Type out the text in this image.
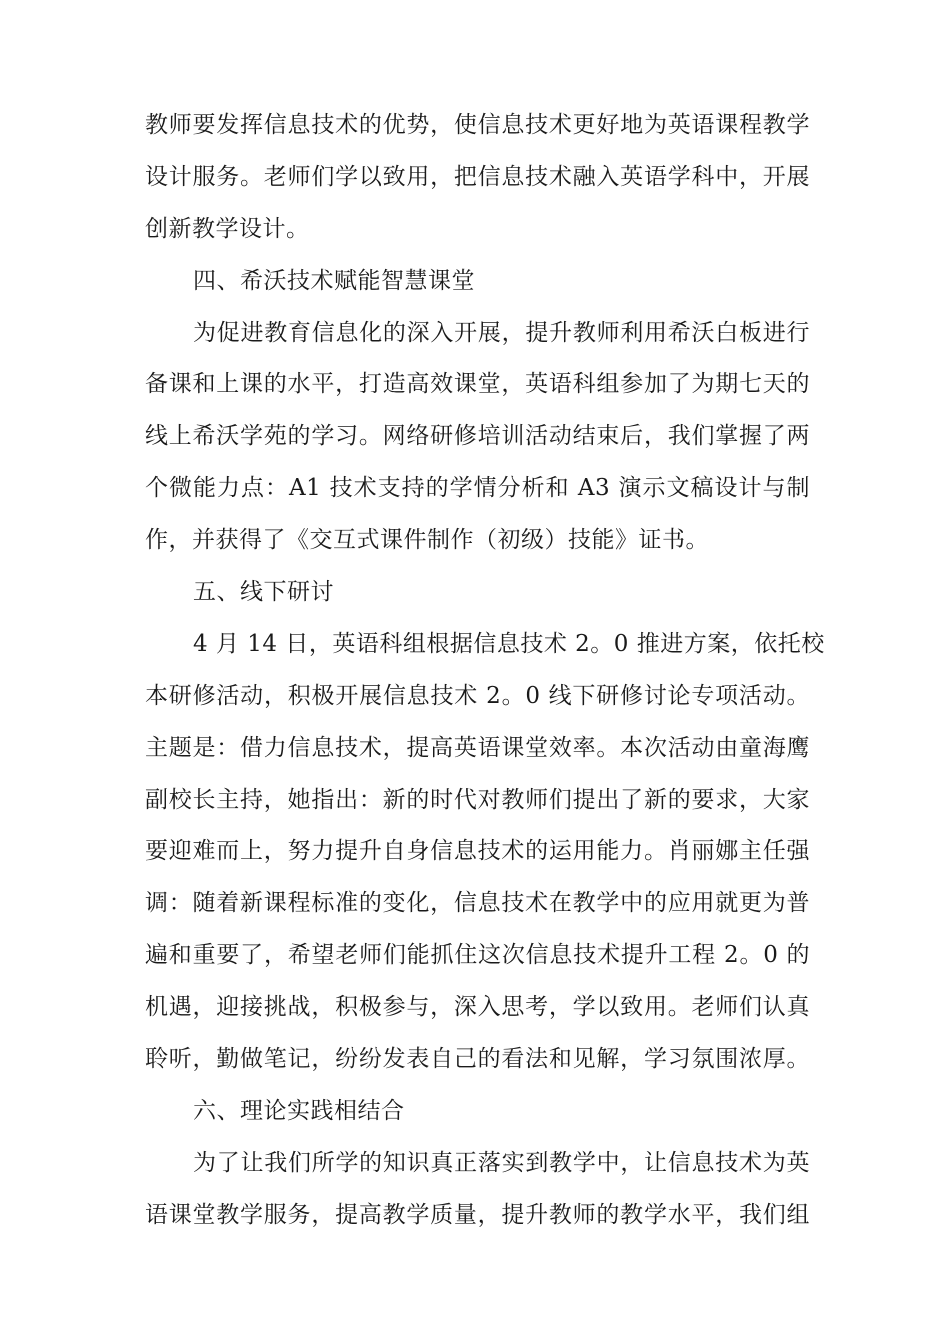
教师要发挥信息技术的优势，使信息技术更好地为英语课程教学
设计服务。老师们学以致用，把信息技术融入英语学科中，开展
创新教学设计。
四、希沃技术赋能智慧课堂
为促进教育信息化的深入开展，提升教师利用希沃白板进行
备课和上课的水平，打造高效课堂，英语科组参加了为期七天的
线上希沃学苑的学习。网络研修培训活动结束后，我们掌握了两
个微能力点：A1 技术支持的学情分析和 A3 演示文稿设计与制
作，并获得了《交互式课件制作（初级）技能》证书。
五、线下研讨
4 月 14 日，英语科组根据信息技术 2。0 推进方案，依托校
本研修活动，积极开展信息技术 2。0 线下研修讨论专项活动。
主题是：借力信息技术，提高英语课堂效率。本次活动由童海鹰
副校长主持，她指出：新的时代对教师们提出了新的要求，大家
要迎难而上，努力提升自身信息技术的运用能力。肖丽娜主任强
调：随着新课程标准的变化，信息技术在教学中的应用就更为普
遍和重要了，希望老师们能抓住这次信息技术提升工程 2。0 的
机遇，迎接挑战，积极参与，深入思考，学以致用。老师们认真
聆听，勤做笔记，纷纷发表自己的看法和见解，学习氛围浓厚。
六、理论实践相结合
为了让我们所学的知识真正落实到教学中，让信息技术为英
语课堂教学服务，提高教学质量，提升教师的教学水平，我们组
